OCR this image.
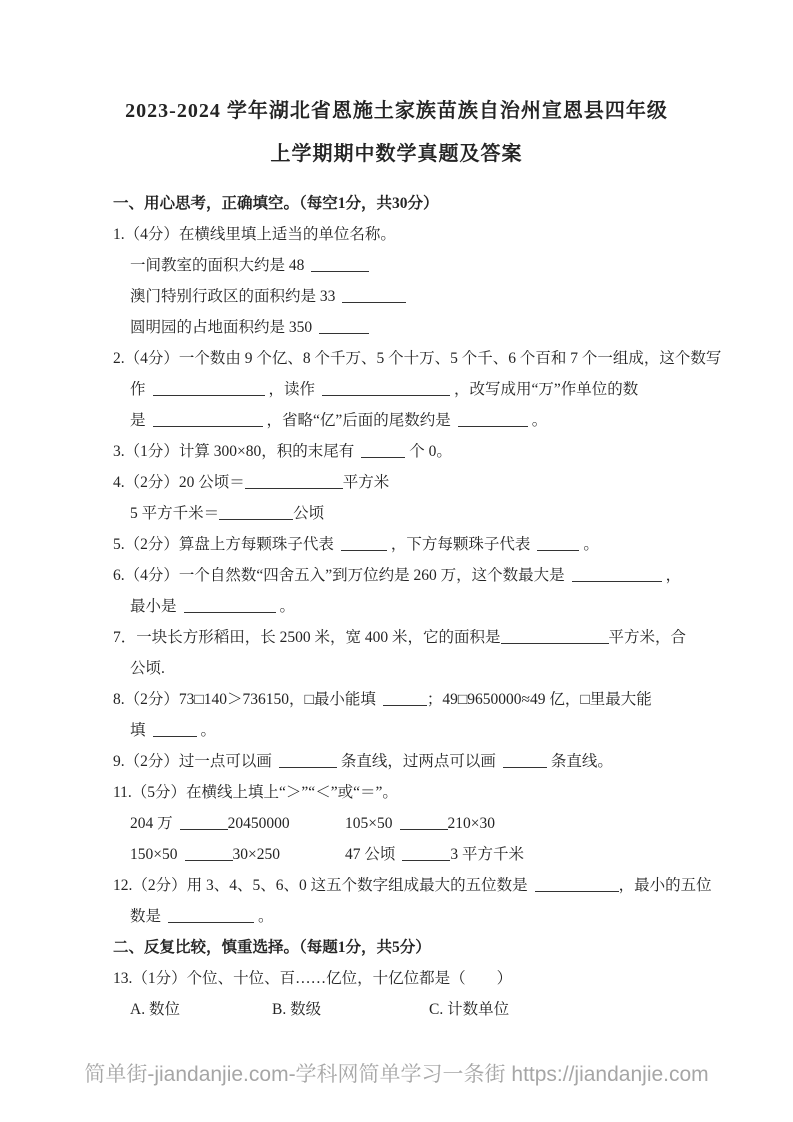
2023-2024 学年湖北省恩施土家族苗族自治州宣恩县四年级
上学期期中数学真题及答案

一、用心思考，正确填空。（每空1分，共30分）

1.（4分）在横线里填上适当的单位名称。

一间教室的面积大约是 48

澳门特别行政区的面积约是 33

圆明园的占地面积约是 350

2.（4分）一个数由 9 个亿、8 个千万、5 个十万、5 个千、6 个百和 7 个一组成，这个数写

作	，读作	，改写成用“万”作单位的数

是	，省略“亿”后面的尾数约是	。

3.（1分）计算 300×80，积的末尾有	个 0。

4.（2分）20 公顷＝	平方米

5 平方千米＝	公顷

5.（2分）算盘上方每颗珠子代表	，下方每颗珠子代表	。

6.（4分）一个自然数“四舍五入”到万位约是 260 万，这个数最大是	，

最小是	。

7．一块长方形稻田，长 2500 米，宽 400 米，它的面积是	平方米，合

公顷.

8.（2分）73□140＞736150，□最小能填	；49□9650000≈49 亿，□里最大能

填	。

9.（2分）过一点可以画	条直线，过两点可以画	条直线。

11.（5分）在横线上填上“＞”“＜”或“＝”。

204 万	20450000	105×50	210×30

150×50	30×250	47 公顷	3 平方千米

12.（2分）用 3、4、5、6、0 这五个数字组成最大的五位数是	，最小的五位

数是	。

二、反复比较，慎重选择。（每题1分，共5分）

13.（1分）个位、十位、百……亿位，十亿位都是（　　）

A. 数位	B. 数级	C. 计数单位

简单街-jiandanjie.com-学科网简单学习一条街 https://jiandanjie.com
